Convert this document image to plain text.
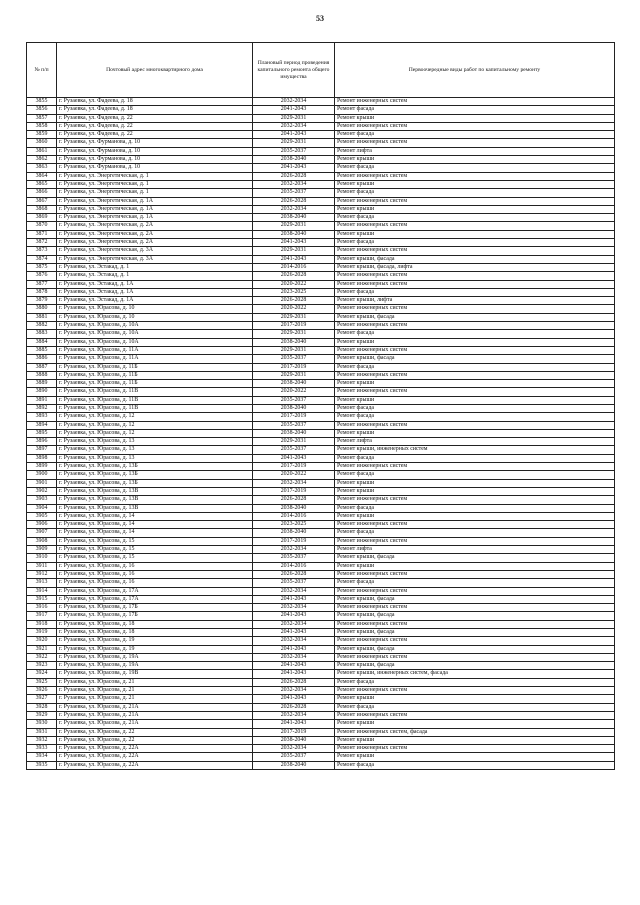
53
№ п/п	Почтовый адрес многоквартирного дома	Плановый период проведения капитального ремонта общего имущества	Первоочередные виды работ по капитальному ремонту
3855	г. Рузаевка, ул. Фадеева, д. 18	2032-2034	Ремонт инженерных систем
3856	г. Рузаевка, ул. Фадеева, д. 18	2041-2043	Ремонт фасада
3857	г. Рузаевка, ул. Фадеева, д. 22	2029-2031	Ремонт крыши
3858	г. Рузаевка, ул. Фадеева, д. 22	2032-2034	Ремонт инженерных систем
3859	г. Рузаевка, ул. Фадеева, д. 22	2041-2043	Ремонт фасада
3860	г. Рузаевка, ул. Фурманова, д. 10	2029-2031	Ремонт инженерных систем
3861	г. Рузаевка, ул. Фурманова, д. 10	2035-2037	Ремонт лифта
3862	г. Рузаевка, ул. Фурманова, д. 10	2038-2040	Ремонт крыши
3863	г. Рузаевка, ул. Фурманова, д. 10	2041-2043	Ремонт фасада
3864	г. Рузаевка, ул. Энергетическая, д. 1	2026-2028	Ремонт инженерных систем
3865	г. Рузаевка, ул. Энергетическая, д. 1	2032-2034	Ремонт крыши
3866	г. Рузаевка, ул. Энергетическая, д. 1	2035-2037	Ремонт фасада
3867	г. Рузаевка, ул. Энергетическая, д. 1А	2026-2028	Ремонт инженерных систем
3868	г. Рузаевка, ул. Энергетическая, д. 1А	2032-2034	Ремонт крыши
3869	г. Рузаевка, ул. Энергетическая, д. 1А	2038-2040	Ремонт фасада
3870	г. Рузаевка, ул. Энергетическая, д. 2А	2029-2031	Ремонт инженерных систем
3871	г. Рузаевка, ул. Энергетическая, д. 2А	2038-2040	Ремонт крыши
3872	г. Рузаевка, ул. Энергетическая, д. 2А	2041-2043	Ремонт фасада
3873	г. Рузаевка, ул. Энергетическая, д. 3А	2029-2031	Ремонт инженерных систем
3874	г. Рузаевка, ул. Энергетическая, д. 3А	2041-2043	Ремонт крыши, фасада
3875	г. Рузаевка, ул. Эстакад, д. 1	2014-2016	Ремонт крыши, фасада, лифта
3876	г. Рузаевка, ул. Эстакад, д. 1	2026-2028	Ремонт инженерных систем
3877	г. Рузаевка, ул. Эстакад, д. 1А	2020-2022	Ремонт инженерных систем
3878	г. Рузаевка, ул. Эстакад, д. 1А	2023-2025	Ремонт фасада
3879	г. Рузаевка, ул. Эстакад, д. 1А	2026-2028	Ремонт крыши, лифта
3880	г. Рузаевка, ул. Юрасова, д. 10	2020-2022	Ремонт инженерных систем
3881	г. Рузаевка, ул. Юрасова, д. 10	2029-2031	Ремонт крыши, фасада
3882	г. Рузаевка, ул. Юрасова, д. 10А	2017-2019	Ремонт инженерных систем
3883	г. Рузаевка, ул. Юрасова, д. 10А	2029-2031	Ремонт фасада
3884	г. Рузаевка, ул. Юрасова, д. 10А	2038-2040	Ремонт крыши
3885	г. Рузаевка, ул. Юрасова, д. 11А	2029-2031	Ремонт инженерных систем
3886	г. Рузаевка, ул. Юрасова, д. 11А	2035-2037	Ремонт крыши, фасада
3887	г. Рузаевка, ул. Юрасова, д. 11Б	2017-2019	Ремонт фасада
3888	г. Рузаевка, ул. Юрасова, д. 11Б	2029-2031	Ремонт инженерных систем
3889	г. Рузаевка, ул. Юрасова, д. 11Б	2038-2040	Ремонт крыши
3890	г. Рузаевка, ул. Юрасова, д. 11В	2020-2022	Ремонт инженерных систем
3891	г. Рузаевка, ул. Юрасова, д. 11В	2035-2037	Ремонт крыши
3892	г. Рузаевка, ул. Юрасова, д. 11В	2038-2040	Ремонт фасада
3893	г. Рузаевка, ул. Юрасова, д. 12	2017-2019	Ремонт фасада
3894	г. Рузаевка, ул. Юрасова, д. 12	2035-2037	Ремонт инженерных систем
3895	г. Рузаевка, ул. Юрасова, д. 12	2038-2040	Ремонт крыши
3896	г. Рузаевка, ул. Юрасова, д. 13	2029-2031	Ремонт лифта
3897	г. Рузаевка, ул. Юрасова, д. 13	2035-2037	Ремонт крыши, инженерных систем
3898	г. Рузаевка, ул. Юрасова, д. 13	2041-2043	Ремонт фасада
3899	г. Рузаевка, ул. Юрасова, д. 13Б	2017-2019	Ремонт инженерных систем
3900	г. Рузаевка, ул. Юрасова, д. 13Б	2020-2022	Ремонт фасада
3901	г. Рузаевка, ул. Юрасова, д. 13Б	2032-2034	Ремонт крыши
3902	г. Рузаевка, ул. Юрасова, д. 13В	2017-2019	Ремонт крыши
3903	г. Рузаевка, ул. Юрасова, д. 13В	2026-2028	Ремонт инженерных систем
3904	г. Рузаевка, ул. Юрасова, д. 13В	2038-2040	Ремонт фасада
3905	г. Рузаевка, ул. Юрасова, д. 14	2014-2016	Ремонт крыши
3906	г. Рузаевка, ул. Юрасова, д. 14	2023-2025	Ремонт инженерных систем
3907	г. Рузаевка, ул. Юрасова, д. 14	2038-2040	Ремонт фасада
3908	г. Рузаевка, ул. Юрасова, д. 15	2017-2019	Ремонт инженерных систем
3909	г. Рузаевка, ул. Юрасова, д. 15	2032-2034	Ремонт лифта
3910	г. Рузаевка, ул. Юрасова, д. 15	2035-2037	Ремонт крыши, фасада
3911	г. Рузаевка, ул. Юрасова, д. 16	2014-2016	Ремонт крыши
3912	г. Рузаевка, ул. Юрасова, д. 16	2026-2028	Ремонт инженерных систем
3913	г. Рузаевка, ул. Юрасова, д. 16	2035-2037	Ремонт фасада
3914	г. Рузаевка, ул. Юрасова, д. 17А	2032-2034	Ремонт инженерных систем
3915	г. Рузаевка, ул. Юрасова, д. 17А	2041-2043	Ремонт крыши, фасада
3916	г. Рузаевка, ул. Юрасова, д. 17Б	2032-2034	Ремонт инженерных систем
3917	г. Рузаевка, ул. Юрасова, д. 17Б	2041-2043	Ремонт крыши, фасада
3918	г. Рузаевка, ул. Юрасова, д. 18	2032-2034	Ремонт инженерных систем
3919	г. Рузаевка, ул. Юрасова, д. 18	2041-2043	Ремонт крыши, фасада
3920	г. Рузаевка, ул. Юрасова, д. 19	2032-2034	Ремонт инженерных систем
3921	г. Рузаевка, ул. Юрасова, д. 19	2041-2043	Ремонт крыши, фасада
3922	г. Рузаевка, ул. Юрасова, д. 19А	2032-2034	Ремонт инженерных систем
3923	г. Рузаевка, ул. Юрасова, д. 19А	2041-2043	Ремонт крыши, фасада
3924	г. Рузаевка, ул. Юрасова, д. 19В	2041-2043	Ремонт крыши, инженерных систем, фасада
3925	г. Рузаевка, ул. Юрасова, д. 21	2026-2028	Ремонт фасада
3926	г. Рузаевка, ул. Юрасова, д. 21	2032-2034	Ремонт инженерных систем
3927	г. Рузаевка, ул. Юрасова, д. 21	2041-2043	Ремонт крыши
3928	г. Рузаевка, ул. Юрасова, д. 21А	2026-2028	Ремонт фасада
3929	г. Рузаевка, ул. Юрасова, д. 21А	2032-2034	Ремонт инженерных систем
3930	г. Рузаевка, ул. Юрасова, д. 21А	2041-2043	Ремонт крыши
3931	г. Рузаевка, ул. Юрасова, д. 22	2017-2019	Ремонт инженерных систем, фасада
3932	г. Рузаевка, ул. Юрасова, д. 22	2038-2040	Ремонт крыши
3933	г. Рузаевка, ул. Юрасова, д. 22А	2032-2034	Ремонт инженерных систем
3934	г. Рузаевка, ул. Юрасова, д. 22А	2035-2037	Ремонт крыши
3935	г. Рузаевка, ул. Юрасова, д. 22А	2038-2040	Ремонт фасада
